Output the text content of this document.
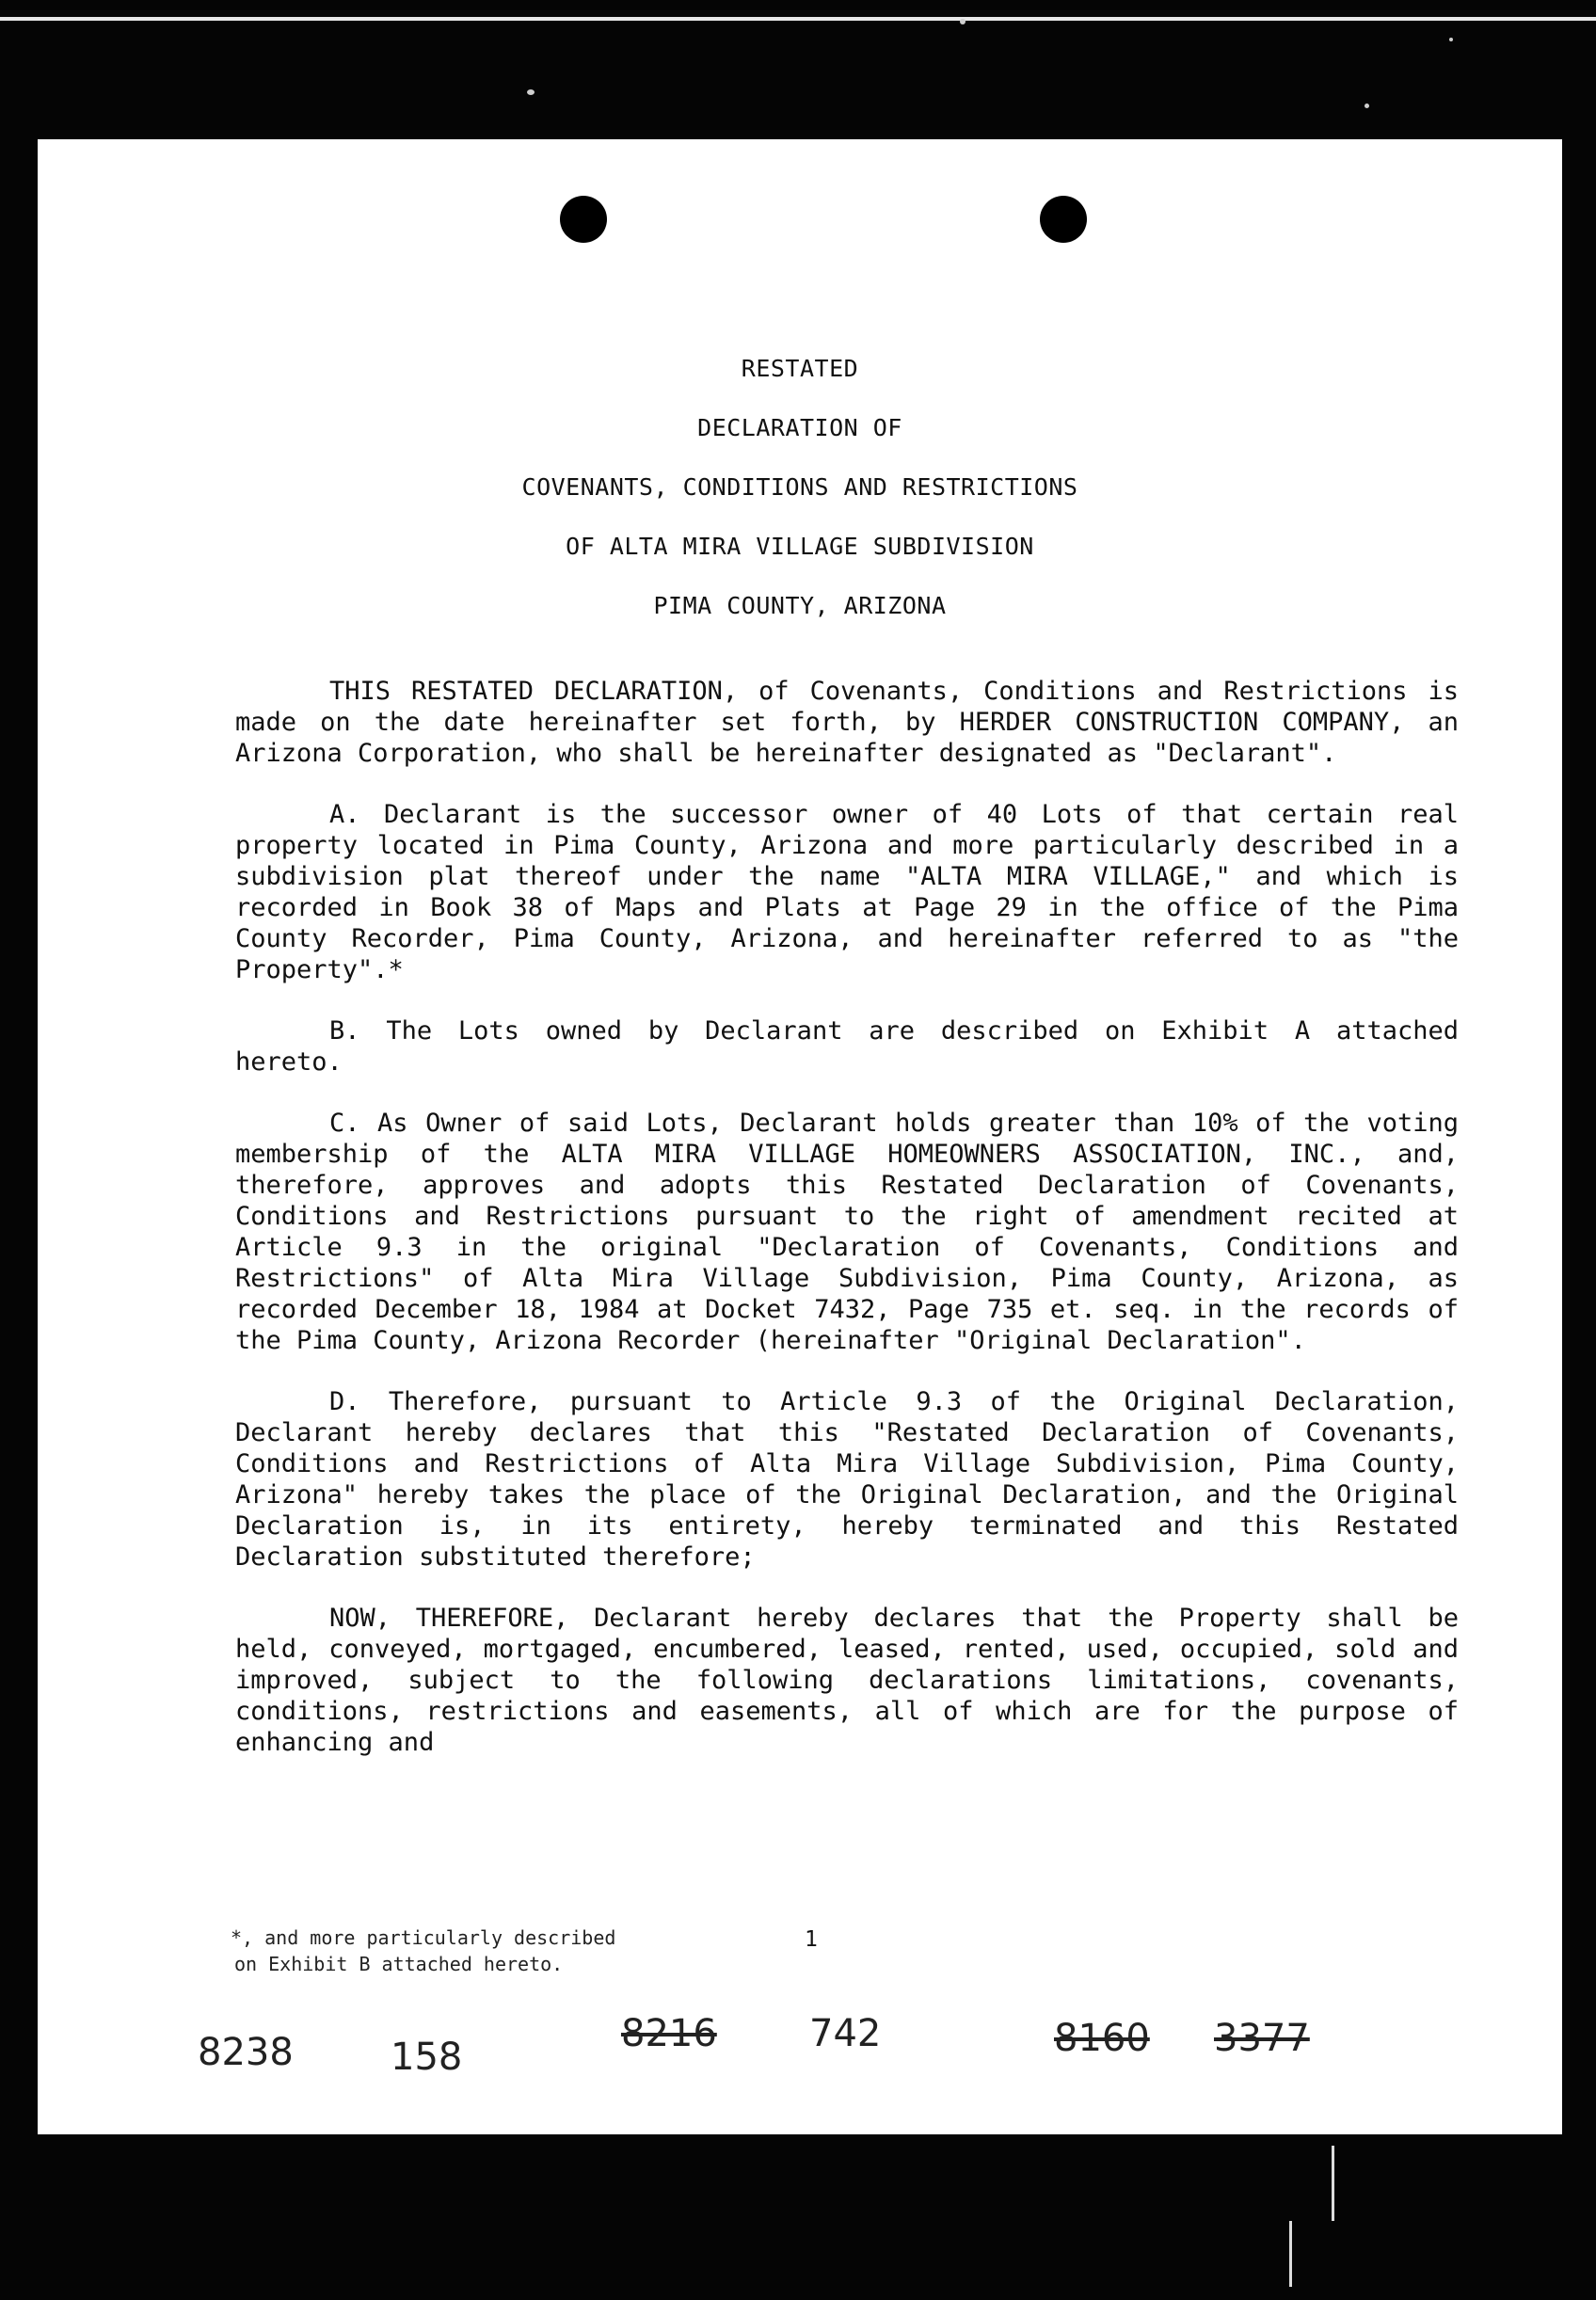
RESTATED
DECLARATION OF
COVENANTS, CONDITIONS AND RESTRICTIONS
OF ALTA MIRA VILLAGE SUBDIVISION
PIMA COUNTY, ARIZONA

THIS RESTATED DECLARATION, of Covenants, Conditions and Restrictions is made on the date hereinafter set forth, by HERDER CONSTRUCTION COMPANY, an Arizona Corporation, who shall be hereinafter designated as "Declarant".

A. Declarant is the successor owner of 40 Lots of that certain real property located in Pima County, Arizona and more particularly described in a subdivision plat thereof under the name "ALTA MIRA VILLAGE," and which is recorded in Book 38 of Maps and Plats at Page 29 in the office of the Pima County Recorder, Pima County, Arizona, and hereinafter referred to as "the Property".*

B. The Lots owned by Declarant are described on Exhibit A attached hereto.

C. As Owner of said Lots, Declarant holds greater than 10% of the voting membership of the ALTA MIRA VILLAGE HOMEOWNERS ASSOCIATION, INC., and, therefore, approves and adopts this Restated Declaration of Covenants, Conditions and Restrictions pursuant to the right of amendment recited at Article 9.3 in the original "Declaration of Covenants, Conditions and Restrictions" of Alta Mira Village Subdivision, Pima County, Arizona, as recorded December 18, 1984 at Docket 7432, Page 735 et. seq. in the records of the Pima County, Arizona Recorder (hereinafter "Original Declaration".

D. Therefore, pursuant to Article 9.3 of the Original Declaration, Declarant hereby declares that this "Restated Declaration of Covenants, Conditions and Restrictions of Alta Mira Village Subdivision, Pima County, Arizona" hereby takes the place of the Original Declaration, and the Original Declaration is, in its entirety, hereby terminated and this Restated Declaration substituted therefore;

NOW, THEREFORE, Declarant hereby declares that the Property shall be held, conveyed, mortgaged, encumbered, leased, rented, used, occupied, sold and improved, subject to the following declarations limitations, covenants, conditions, restrictions and easements, all of which are for the purpose of enhancing and

*, and more particularly described
on Exhibit B attached hereto.
1
8238	158
8216 742	8160 3377
